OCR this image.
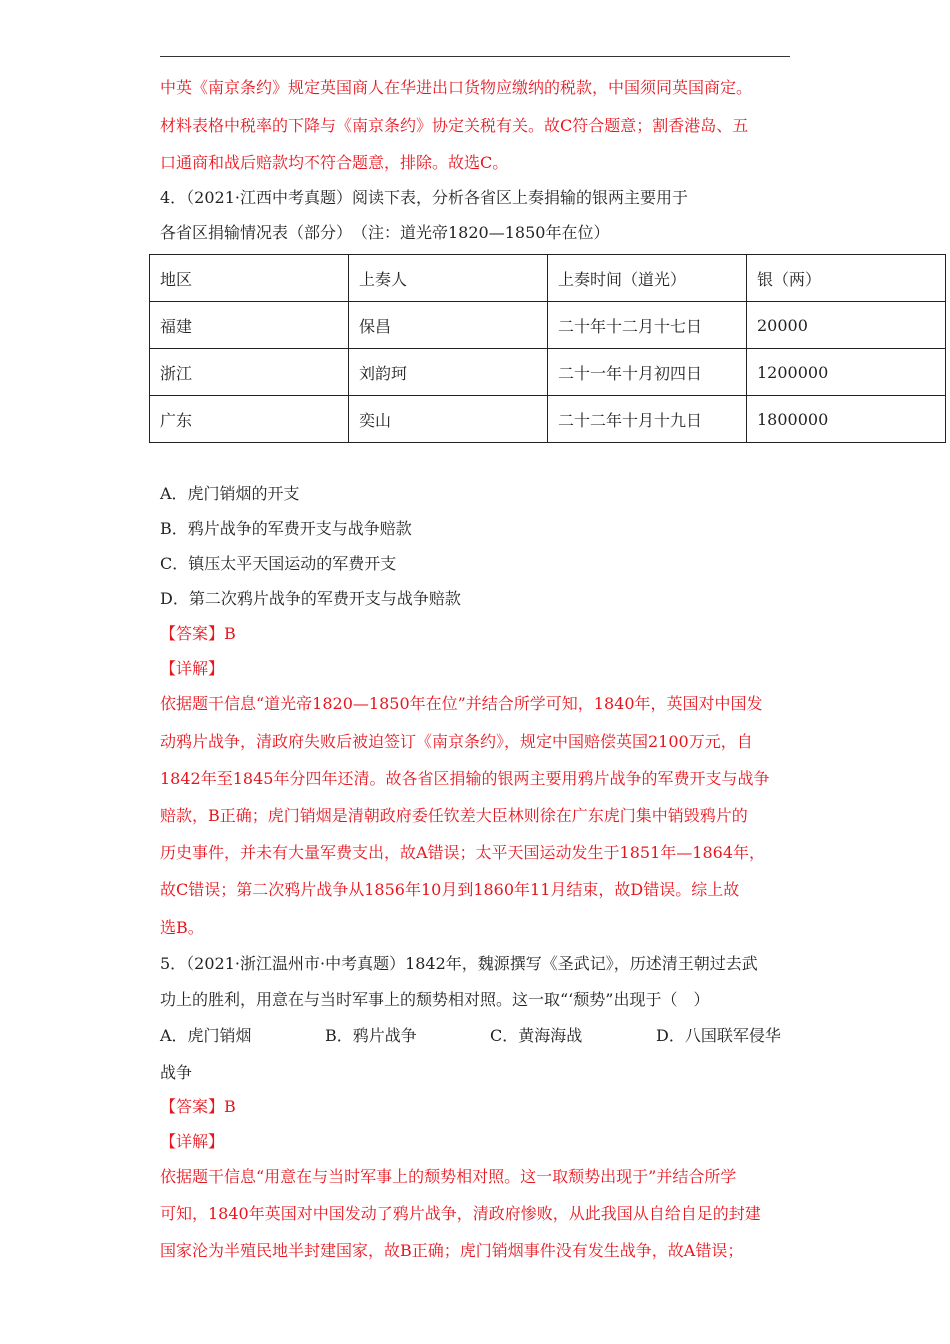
中英《南京条约》规定英国商人在华进出口货物应缴纳的税款，中国须同英国商定。
材料表格中税率的下降与《南京条约》协定关税有关。故C符合题意；割香港岛、五
口通商和战后赔款均不符合题意，排除。故选C。
4．（2021·江西中考真题）阅读下表，分析各省区上奏捐输的银两主要用于
各省区捐输情况表（部分）　（注：道光帝1820—1850年在位）
地区	上奏人	上奏时间（道光）	银（两）
福建	保昌	二十年十二月十七日	20000
浙江	刘韵珂	二十一年十月初四日	1200000
广东	奕山	二十二年十月十九日	1800000
A．虎门销烟的开支
B．鸦片战争的军费开支与战争赔款
C．镇压太平天国运动的军费开支
D．第二次鸦片战争的军费开支与战争赔款
【答案】B
【详解】
依据题干信息“道光帝1820—1850年在位”并结合所学可知，1840年，英国对中国发
动鸦片战争，清政府失败后被迫签订《南京条约》，规定中国赔偿英国2100万元，自
1842年至1845年分四年还清。故各省区捐输的银两主要用鸦片战争的军费开支与战争
赔款，B正确；虎门销烟是清朝政府委任钦差大臣林则徐在广东虎门集中销毁鸦片的
历史事件，并未有大量军费支出，故A错误；太平天国运动发生于1851年—1864年，
故C错误；第二次鸦片战争从1856年10月到1860年11月结束，故D错误。综上故
选B。
5．（2021·浙江温州市·中考真题）1842年，魏源撰写《圣武记》，历述清王朝过去武
功上的胜利，用意在与当时军事上的颓势相对照。这一取“‘颓势”出现于（　）
A．虎门销烟	B．鸦片战争	C．黄海海战	D．八国联军侵华
战争
【答案】B
【详解】
依据题干信息“用意在与当时军事上的颓势相对照。这一取颓势出现于”并结合所学
可知，1840年英国对中国发动了鸦片战争，清政府惨败，从此我国从自给自足的封建
国家沦为半殖民地半封建国家，故B正确；虎门销烟事件没有发生战争，故A错误；
